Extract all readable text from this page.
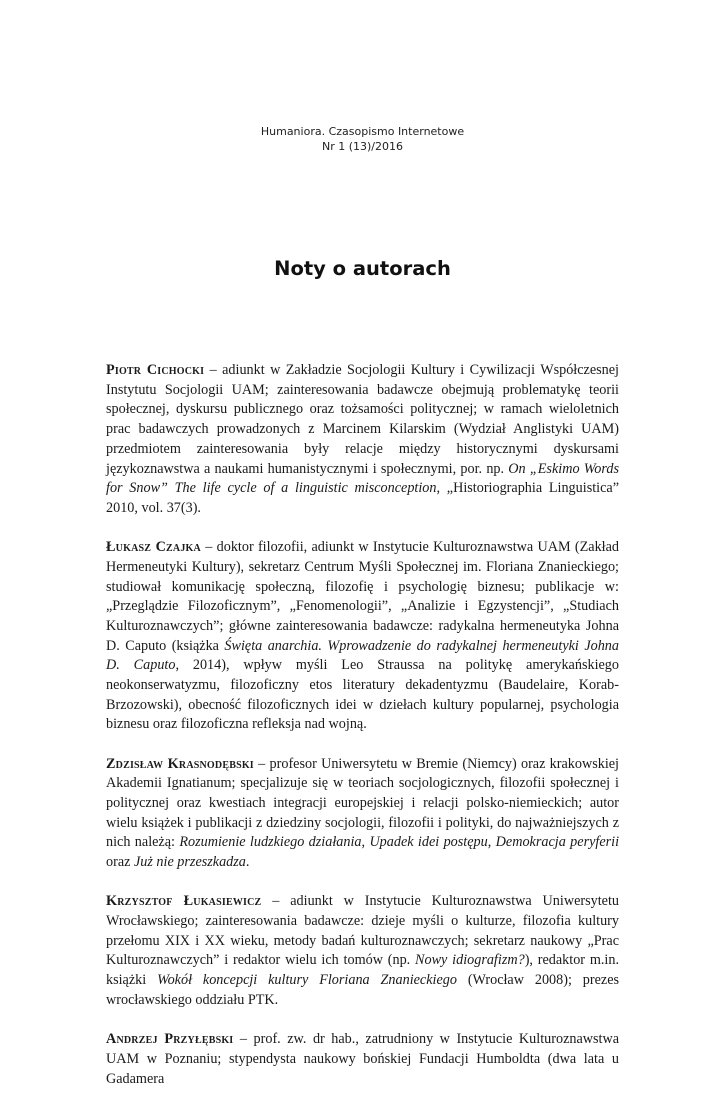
Humaniora. Czasopismo Internetowe
Nr 1 (13)/2016
Noty o autorach

Piotr Cichocki – adiunkt w Zakładzie Socjologii Kultury i Cywilizacji Współczesnej Instytutu Socjologii UAM; zainteresowania badawcze obejmują problematykę teorii społecznej, dyskursu publicznego oraz tożsamości politycznej; w ramach wieloletnich prac badawczych prowadzonych z Marcinem Kilarskim (Wydział Anglistyki UAM) przedmiotem zainteresowania były relacje między historycznymi dyskursami językoznawstwa a naukami humanistycznymi i społecznymi, por. np. On „Eskimo Words for Snow” The life cycle of a linguistic misconception, „Historiographia Linguistica” 2010, vol. 37(3).

Łukasz Czajka – doktor filozofii, adiunkt w Instytucie Kulturoznawstwa UAM (Zakład Hermeneutyki Kultury), sekretarz Centrum Myśli Społecznej im. Floriana Znanieckiego; studiował komunikację społeczną, filozofię i psychologię biznesu; publikacje w: „Przeglądzie Filozoficznym”, „Fenomenologii”, „Analizie i Egzystencji”, „Studiach Kulturoznawczych”; główne zainteresowania badawcze: radykalna hermeneutyka Johna D. Caputo (książka Święta anarchia. Wprowadzenie do radykalnej hermeneutyki Johna D. Caputo, 2014), wpływ myśli Leo Straussa na politykę amerykańskiego neokonserwatyzmu, filozoficzny etos literatury dekadentyzmu (Baudelaire, Korab-Brzozowski), obecność filozoficznych idei w dziełach kultury popularnej, psychologia biznesu oraz filozoficzna refleksja nad wojną.

Zdzisław Krasnodębski – profesor Uniwersytetu w Bremie (Niemcy) oraz krakowskiej Akademii Ignatianum; specjalizuje się w teoriach socjologicznych, filozofii społecznej i politycznej oraz kwestiach integracji europejskiej i relacji polsko-niemieckich; autor wielu książek i publikacji z dziedziny socjologii, filozofii i polityki, do najważniejszych z nich należą: Rozumienie ludzkiego działania, Upadek idei postępu, Demokracja peryferii oraz Już nie przeszkadza.

Krzysztof Łukasiewicz – adiunkt w Instytucie Kulturoznawstwa Uniwersytetu Wrocławskiego; zainteresowania badawcze: dzieje myśli o kulturze, filozofia kultury przełomu XIX i XX wieku, metody badań kulturoznawczych; sekretarz naukowy „Prac Kulturoznawczych” i redaktor wielu ich tomów (np. Nowy idiografizm?), redaktor m.in. książki Wokół koncepcji kultury Floriana Znanieckiego (Wrocław 2008); prezes wrocławskiego oddziału PTK.

Andrzej Przyłębski – prof. zw. dr hab., zatrudniony w Instytucie Kulturoznawstwa UAM w Poznaniu; stypendysta naukowy bońskiej Fundacji Humboldta (dwa lata u Gadamera
